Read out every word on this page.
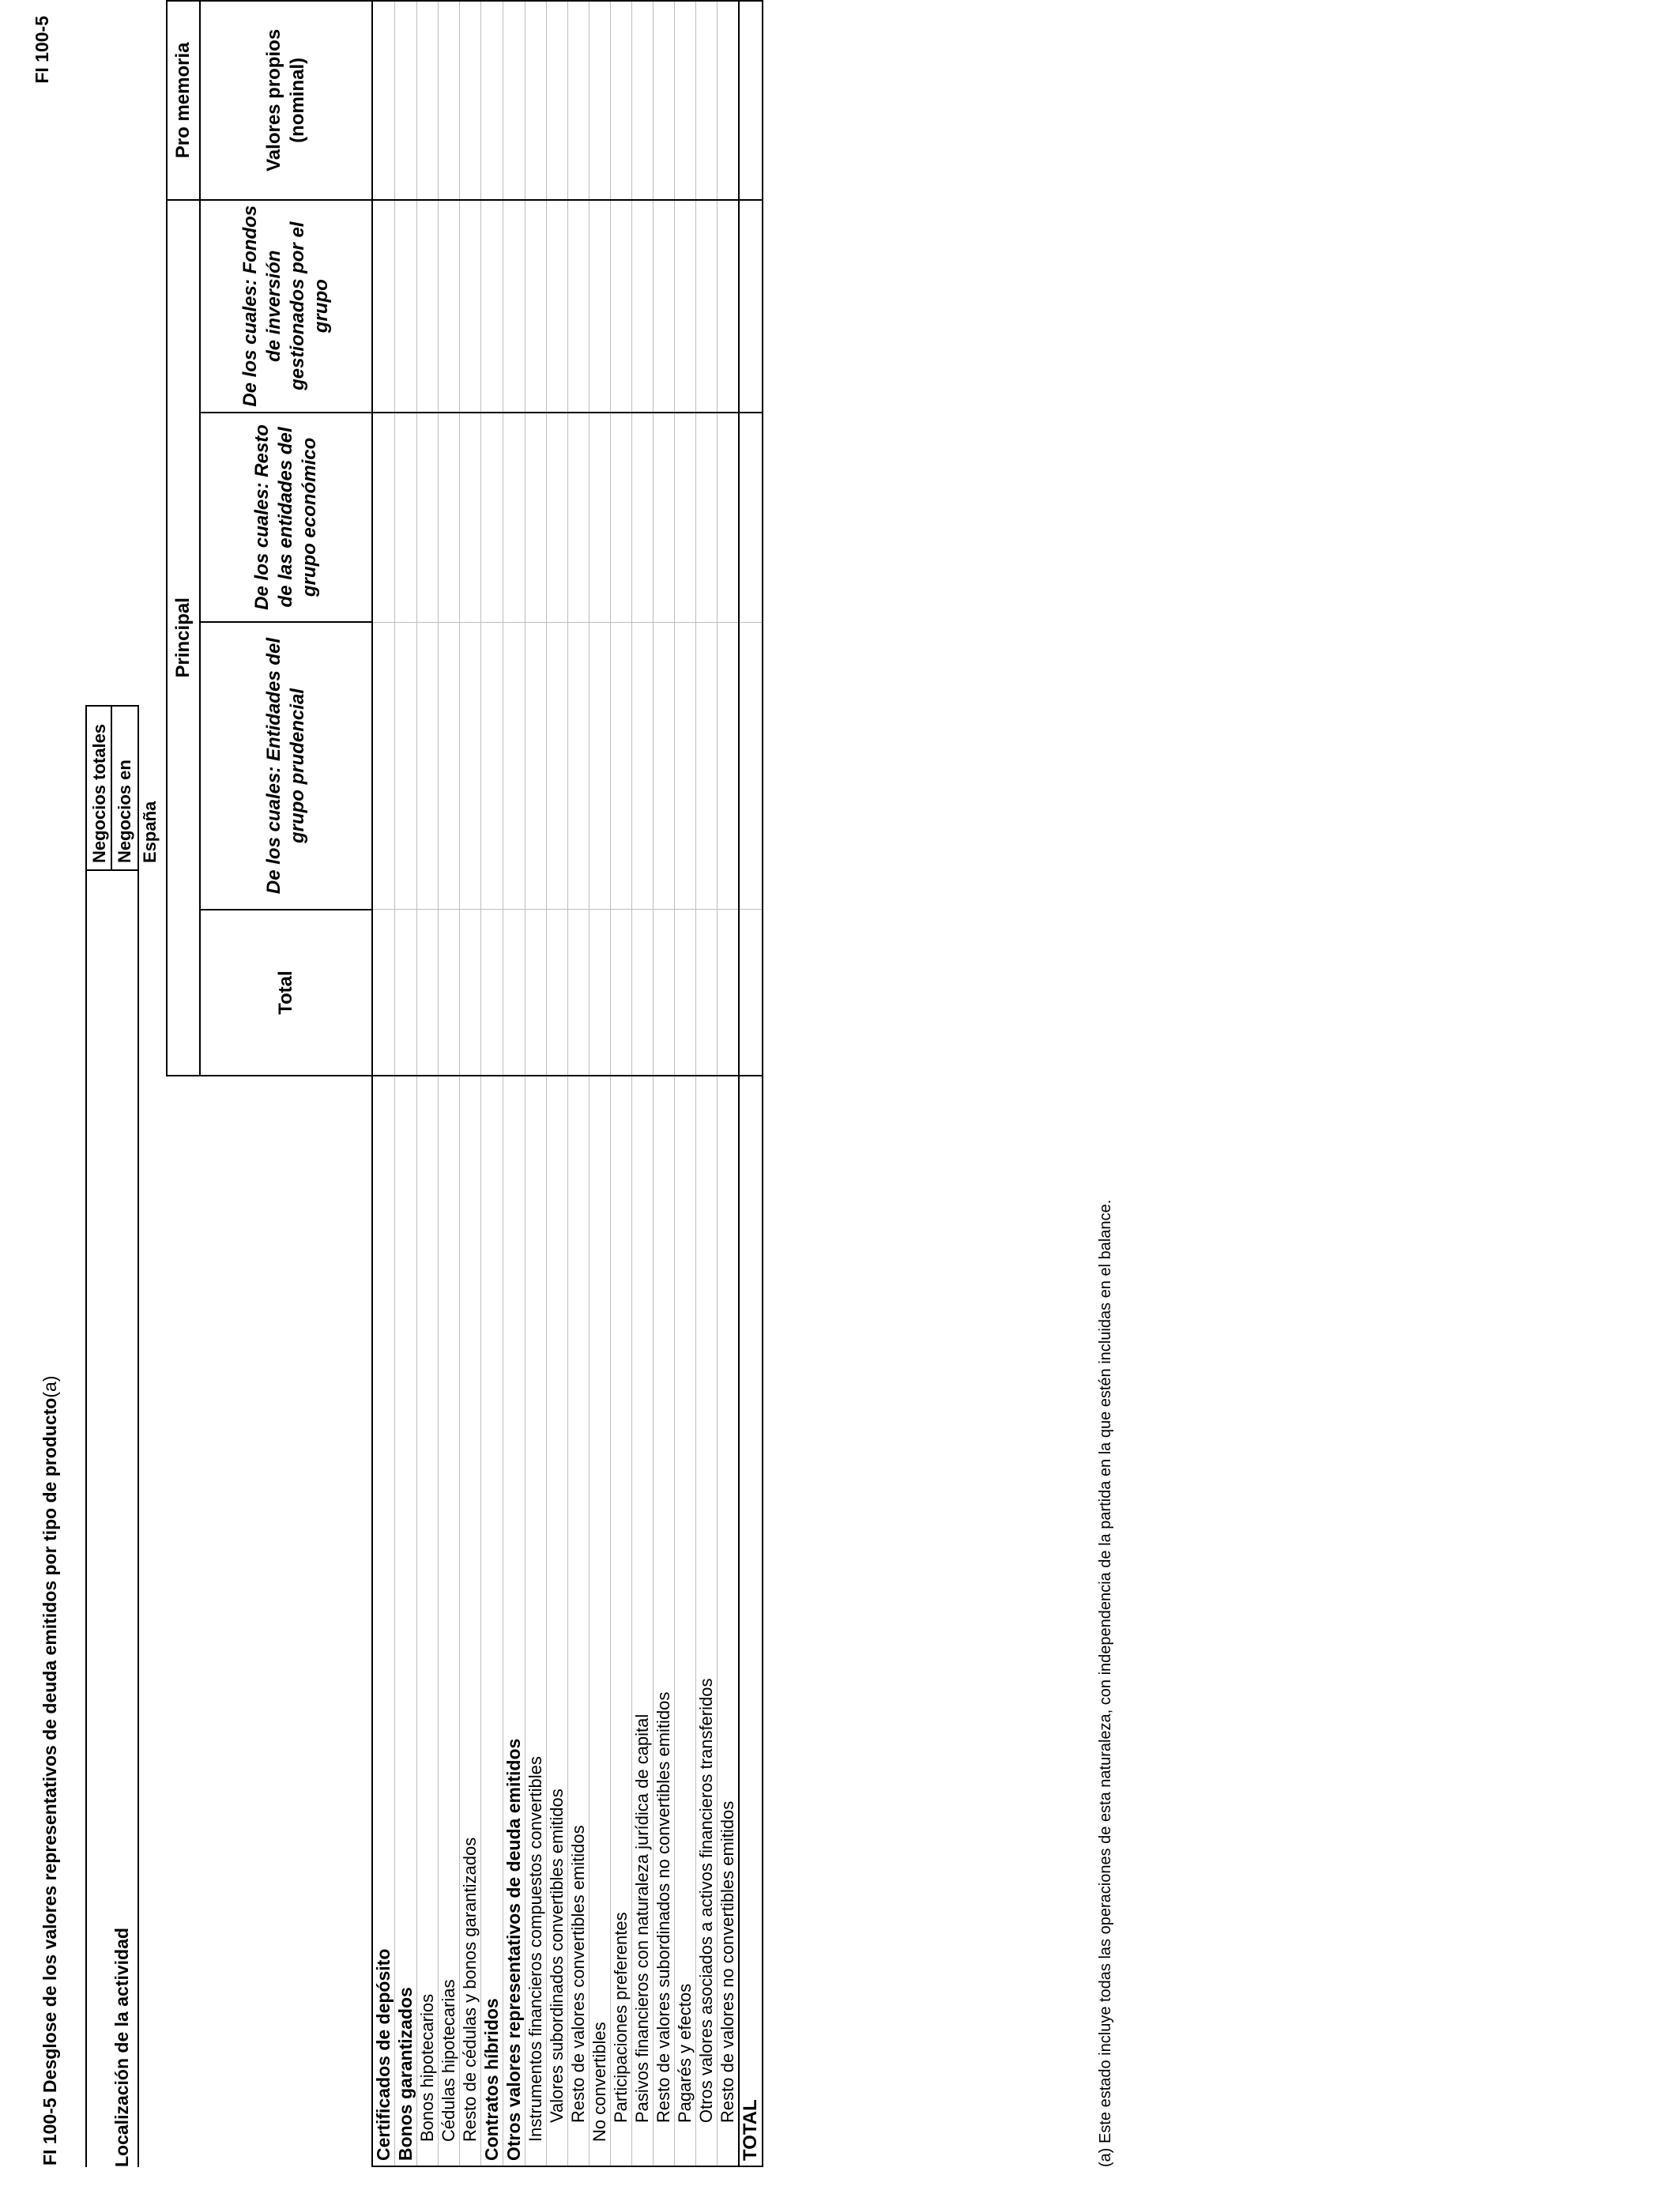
FI 100-5
FI 100-5 Desglose de los valores representativos de deuda emitidos por tipo de producto(a)
Localización de la actividad
Negocios totales Negocios en España
	Principal				Pro memoria
	Total	De los cuales: Entidades del grupo prudencial	De los cuales: Resto de las entidades del grupo económico	De los cuales: Fondos de inversión gestionados por el grupo	Valores propios (nominal)
Certificados de depósito					
Bonos garantizados					
Bonos hipotecarios					
Cédulas hipotecarias					
Resto de cédulas y bonos garantizados					
Contratos híbridos					
Otros valores representativos de deuda emitidos					
Instrumentos financieros compuestos convertibles					
Valores subordinados convertibles emitidos					
Resto de valores convertibles emitidos					
No convertibles					
Participaciones preferentes					
Pasivos financieros con naturaleza jurídica de capital					
Resto de valores subordinados no convertibles emitidos					
Pagarés y efectos					
Otros valores asociados a activos financieros transferidos					
Resto de valores no convertibles emitidos					
TOTAL						(a) Este estado incluye todas las operaciones de esta naturaleza, con independencia de la partida en la que estén incluidas en el balance.
